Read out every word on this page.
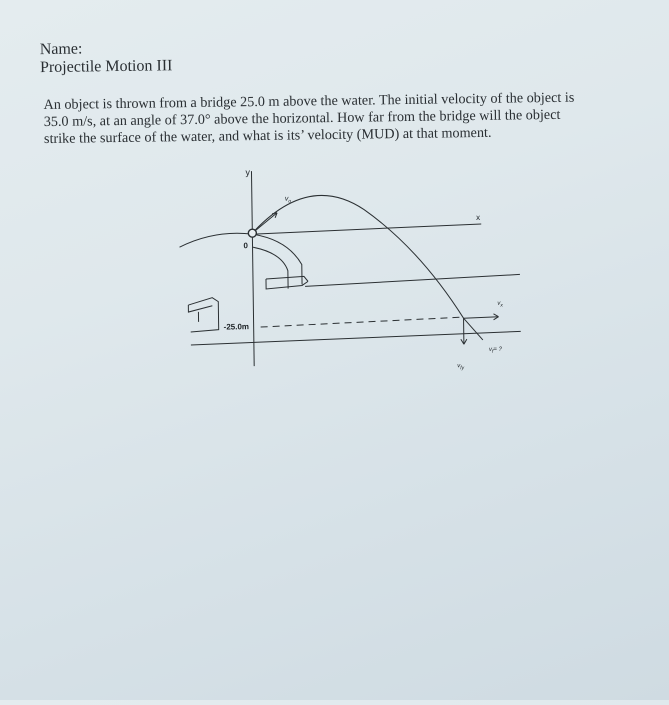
Name:
Projectile Motion III
An object is thrown from a bridge 25.0 m above the water. The initial velocity of the object is
35.0 m/s, at an angle of 37.0° above the horizontal. How far from the bridge will the object
strike the surface of the water, and what is its’ velocity (MUD) at that moment.
y
x
0
$v_o$
-25.0m
$v_x$
$v_{fy}$
$v_f=$ ?
